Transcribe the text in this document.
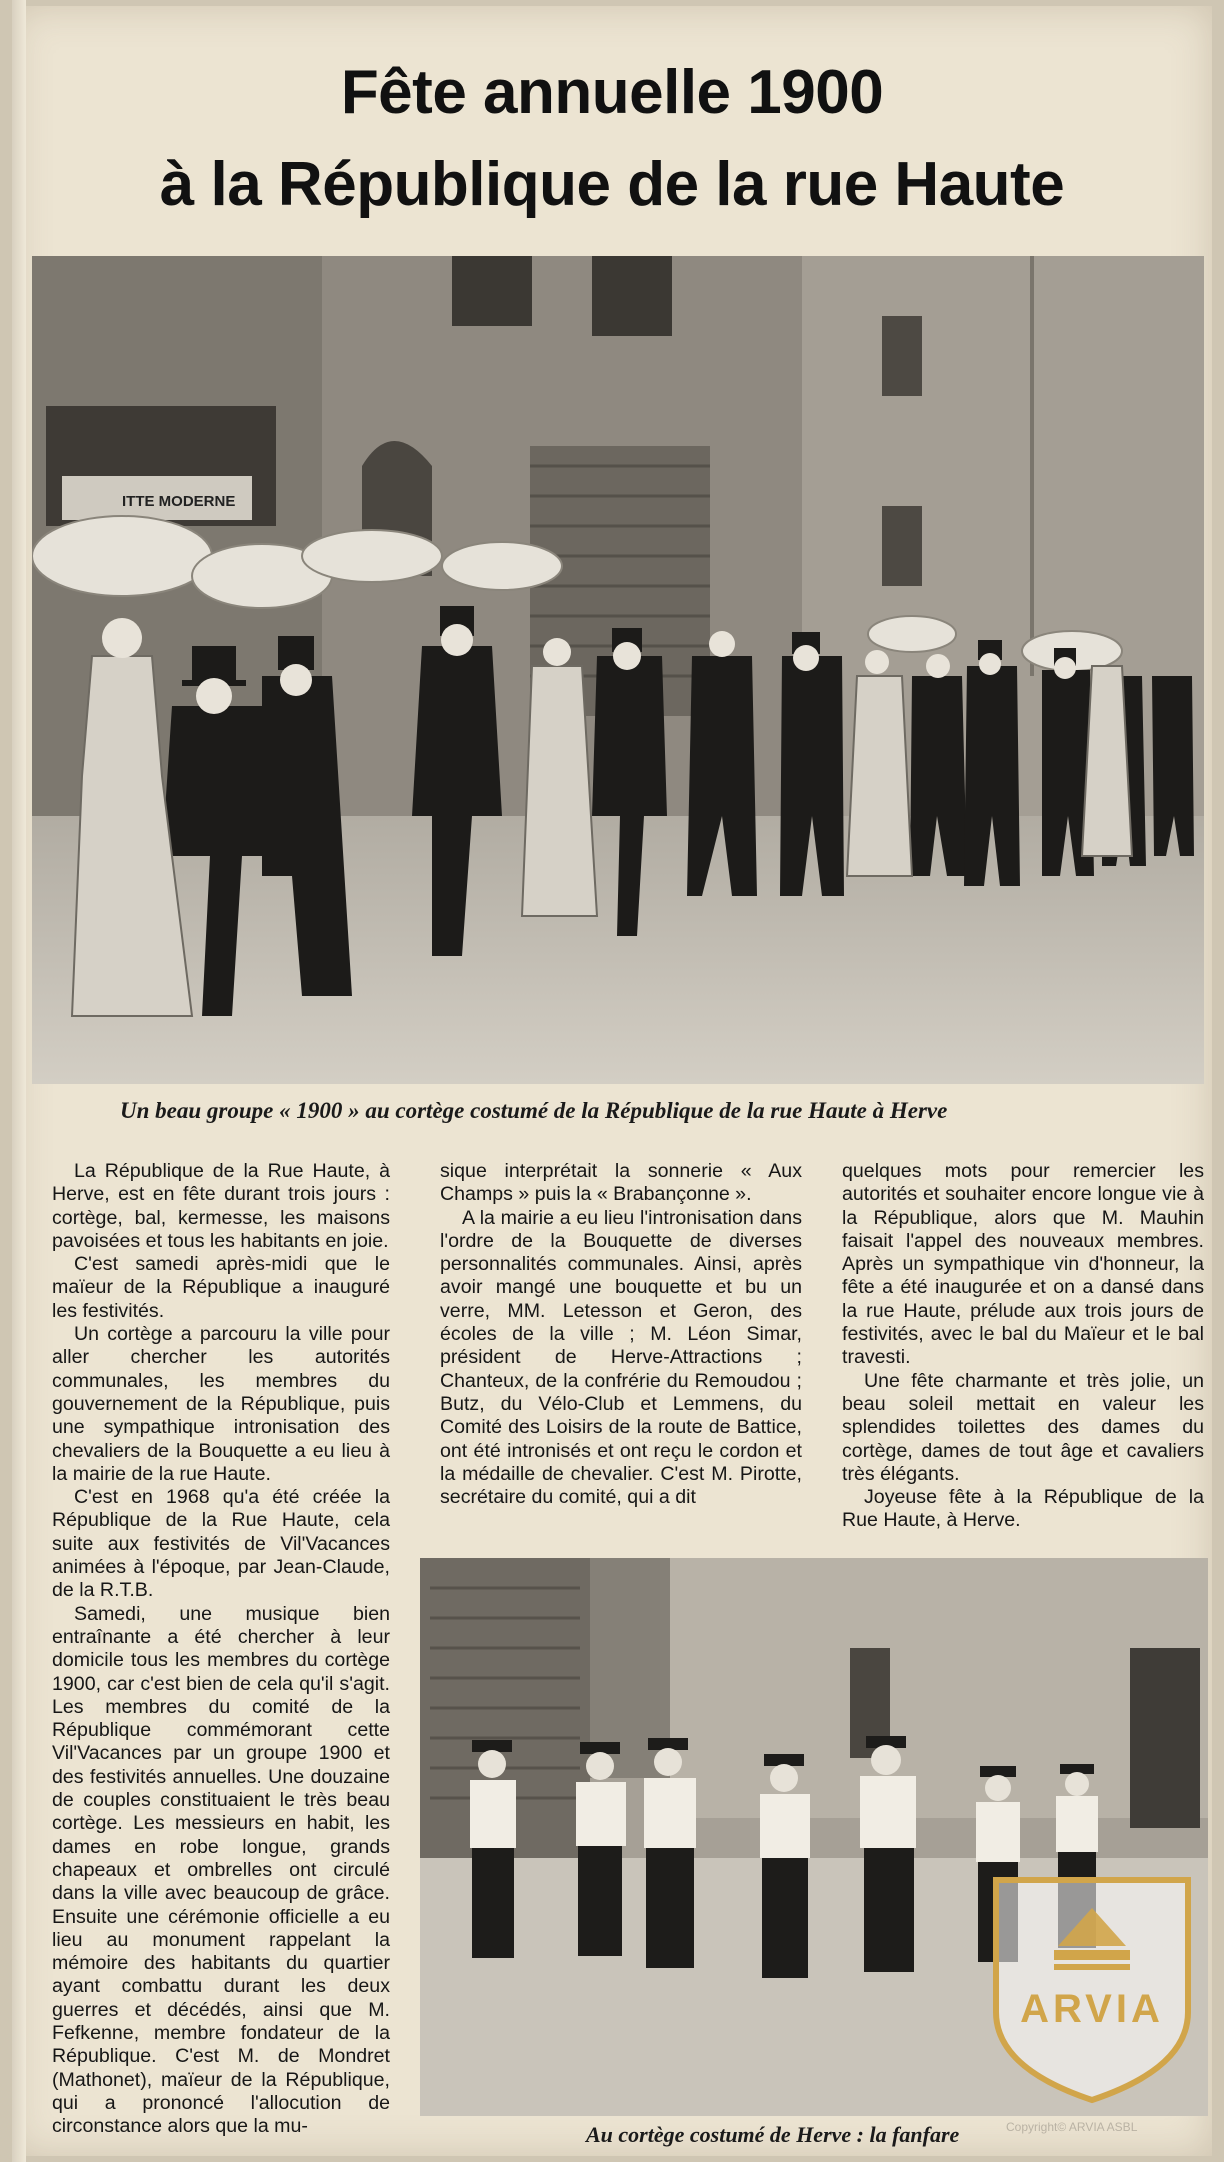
Fête annuelle 1900
à la République de la rue Haute
ITTE MODERNE
Un beau groupe « 1900 » au cortège costumé de la République de la rue Haute à Herve

La République de la Rue Haute, à Herve, est en fête durant trois jours : cortège, bal, kermesse, les maisons pavoisées et tous les habitants en joie.

C'est samedi après-midi que le maïeur de la République a inauguré les festivités.

Un cortège a parcouru la ville pour aller chercher les autorités communales, les membres du gouvernement de la République, puis une sympathique intronisation des chevaliers de la Bouquette a eu lieu à la mairie de la rue Haute.

C'est en 1968 qu'a été créée la République de la Rue Haute, cela suite aux festivités de Vil'Vacances animées à l'époque, par Jean-Claude, de la R.T.B.

Samedi, une musique bien entraînante a été chercher à leur domicile tous les membres du cortège 1900, car c'est bien de cela qu'il s'agit. Les membres du comité de la République commémorant cette Vil'Vacances par un groupe 1900 et des festivités annuelles. Une douzaine de couples constituaient le très beau cortège. Les messieurs en habit, les dames en robe longue, grands chapeaux et ombrelles ont circulé dans la ville avec beaucoup de grâce. Ensuite une cérémonie officielle a eu lieu au monument rappelant la mémoire des habitants du quartier ayant combattu durant les deux guerres et décédés, ainsi que M. Fefkenne, membre fondateur de la République. C'est M. de Mondret (Mathonet), maïeur de la République, qui a prononcé l'allocution de circonstance alors que la mu-

sique interprétait la sonnerie « Aux Champs » puis la « Brabançonne ».

A la mairie a eu lieu l'intronisation dans l'ordre de la Bouquette de diverses personnalités communales. Ainsi, après avoir mangé une bouquette et bu un verre, MM. Letesson et Geron, des écoles de la ville ; M. Léon Simar, président de Herve-Attractions ; Chanteux, de la confrérie du Remoudou ; Butz, du Vélo-Club et Lemmens, du Comité des Loisirs de la route de Battice, ont été intronisés et ont reçu le cordon et la médaille de chevalier. C'est M. Pirotte, secrétaire du comité, qui a dit

quelques mots pour remercier les autorités et souhaiter encore longue vie à la République, alors que M. Mauhin faisait l'appel des nouveaux membres. Après un sympathique vin d'honneur, la fête a été inaugurée et on a dansé dans la rue Haute, prélude aux trois jours de festivités, avec le bal du Maïeur et le bal travesti.

Une fête charmante et très jolie, un beau soleil mettait en valeur les splendides toilettes des dames du cortège, dames de tout âge et cavaliers très élégants.

Joyeuse fête à la République de la Rue Haute, à Herve.

Au cortège costumé de Herve : la fanfare
ARVIA
Copyright© ARVIA ASBL
